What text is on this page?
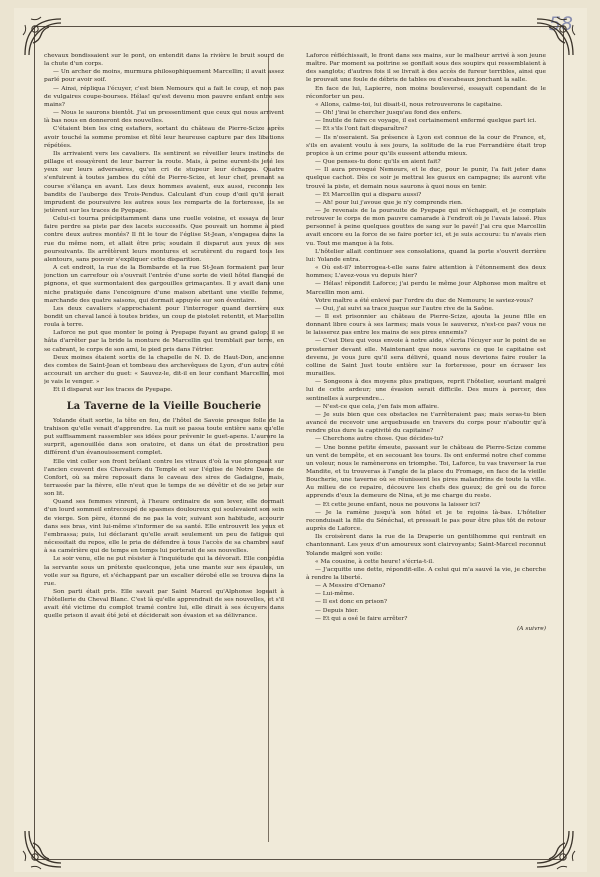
58

chevaux bondissaient sur le pont, on entendit dans la rivière le bruit sourd de la chute d'un corps.

— Un archer de moins, murmura philosophiquement Marcellin; il avait assez parlé pour avoir soif.

— Ainsi, répliqua l'écuyer, c'est bien Nemours qui a fait le coup, et non pas de vulgaires coupe-bourses. Hélas! qu'est devenu mon pauvre enfant entre ses mains?

— Nous le saurons bientôt. J'ai un pressentiment que ceux qui nous arrivent là bas nous en donneront des nouvelles.

C'étaient bien les cinq estafiers, sortant du château de Pierre-Scize après avoir touché la somme promise et fêté leur heureuse capture par des libations répétées.

Ils arrivaient vers les cavaliers. Ils sentirent se réveiller leurs instincts de pillage et essayèrent de leur barrer la route. Mais, à peine eurent-ils jeté les yeux sur leurs adversaires, qu'un cri de stupeur leur échappa. Quatre s'enfuirent à toutes jambes du côté de Pierre-Scize, et leur chef, prenant sa course s'élança en avant. Les deux hommes avaient, eux aussi, reconnu les bandits de l'auberge des Trois-Pendus. Calculant d'un coup d'œil qu'il serait imprudent de poursuivre les autres sous les remparts de la forteresse, ils se jetèrent sur les traces de Pyepape.

Celui-ci tourna précipitamment dans une ruelle voisine, et essaya de leur faire perdre sa piste par des lacets successifs. Que pouvait un homme à pied contre deux autres montés? Il fit le tour de l'église St-Jean, s'engagea dans la rue du même nom, et allait être pris; soudain il disparut aux yeux de ses poursuivants. Ils arrêtèrent leurs montures et scrutèrent du regard tous les alentours, sans pouvoir s'expliquer cette disparition.

A cet endroit, la rue de la Bombarde et la rue St-Jean formaient par leur jonction un carrefour où s'ouvrait l'entrée d'une sorte de vieil hôtel flanqué de pignons, et que surmontaient des gargouilles grimaçantes. Il y avait dans une niche pratiquée dans l'encoignure d'une maison abritant une vieille femme, marchande des quatre saisons, qui dormait appuyée sur son éventaire.

Les deux cavaliers s'approchaient pour l'interroger quand derrière eux bondit un cheval lancé à toutes brides, un coup de pistolet retentit, et Marcellin roula à terre.

Laforce ne put que monter le poing à Pyepape fuyant au grand galop; il se hâta d'arrêter par la bride la monture de Marcellin qui tremblait par terre, en se cabrant, le corps de son ami, le pied pris dans l'étrier.

Deux moines étaient sortis de la chapelle de N. D. de Haut-Don, ancienne des comtes de Saint-Jean et tombeau des archevêques de Lyon, d'un autre côté accourait un archer du guet: « Sauvez-le, dit-il en leur confiant Marcellin, moi je vais le venger. »

Et il disparut sur les traces de Pyepape.

La Taverne de la Vieille Boucherie

Yolande était sortie, la tête en feu, de l'hôtel de Savoie presque folle de la trahison qu'elle venait d'apprendre. La nuit se passa toute entière sans qu'elle put suffisamment rassembler ses idées pour prévenir le guet-apens. L'aurore la surprit, agenouillée dans son oratoire, et dans un état de prostration peu différent d'un évanouissement complet.

Elle vint coller son front brûlant contre les vitraux d'où la vue plongeait sur l'ancien couvent des Chevaliers du Temple et sur l'église de Notre Dame de Confort, où sa mère reposait dans le caveau des sires de Gadaigne, mais, terrassée par la fièvre, elle n'eut que le temps de se dévêtir et de se jeter sur son lit.

Quand ses femmes vinrent, à l'heure ordinaire de son lever, elle dormait d'un lourd sommeil entrecoupé de spasmes douloureux qui soulevaient son sein de vierge. Son père, étonné de ne pas la voir, suivant son habitude, accourir dans ses bras, vint lui-même s'informer de sa santé. Elle entrouvrit les yeux et l'embrassa; puis, lui déclarant qu'elle avait seulement un peu de fatigue qui nécessitait du repos, elle le pria de défendre à tous l'accès de sa chambre sauf à sa camérière qui de temps en temps lui porterait de ses nouvelles.

Le soir venu, elle ne put résister à l'inquiétude qui la dévorait. Elle congédia la servante sous un prétexte quelconque, jeta une mante sur ses épaules, un voile sur sa figure, et s'échappant par un escalier dérobé elle se trouva dans la rue.

Son parti était pris. Elle savait par Saint Marcel qu'Alphonse logeait à l'hôtellerie du Cheval Blanc. C'est là qu'elle apprendrait de ses nouvelles, et s'il avait été victime du complot tramé contre lui, elle dirait à ses écuyers dans quelle prison il avait été jeté et déciderait son évasion et sa délivrance.

Laforce réfléchissait, le front dans ses mains, sur le malheur arrivé à son jeune maître. Par moment sa poitrine se gonflait sous des soupirs qui ressemblaient à des sanglots; d'autres fois il se livrait à des accès de fureur terribles, ainsi que le prouvait une foule de débris de tables ou d'escabeaux jonchant la salle.

En face de lui, Lapierre, non moins bouleversé, essayait cependant de le réconforter un peu.

« Allons, calme-toi, lui disait-il, nous retrouverons le capitaine.

— Oh! j'irai le chercher jusqu'au fond des enfers.

— Inutile de faire ce voyage, il est certainement enfermé quelque part ici.

— Et s'ils l'ont fait disparaître?

— Ils n'oseraient. Sa présence à Lyon est connue de la cour de France, et, s'ils en avaient voulu à ses jours, la solitude de la rue Ferrandière était trop propice à un crime pour qu'ils eussent attendu mieux.

— Que penses-tu donc qu'ils en aient fait?

— Il aura provoqué Nemours, et le duc, pour le punir, l'a fait jeter dans quelque cachot. Dès ce soir je mettrai les gueux en campagne; ils auront vite trouvé la piste, et demain nous saurons à quoi nous en tenir.

— Et Marcellin qui a disparu aussi?

— Ah! pour lui j'avoue que je n'y comprends rien.

— Je revenais de la poursuite de Pyepape qui m'échappait, et je comptais retrouver le corps de mon pauvre camarade à l'endroit où je l'avais laissé. Plus personne! à peine quelques gouttes de sang sur le pavé! J'ai cru que Marcellin avait encore eu la force de se faire porter ici, et je suis accouru: tu n'avais rien vu. Tout me manque à la fois.

L'hôtelier allait continuer ses consolations, quand la porte s'ouvrit derrière lui: Yolande entra.

« Où est-il? interrogea-t-elle sans faire attention à l'étonnement des deux hommes; L'avez-vous vu depuis hier?

— Hélas! répondit Laforce; j'ai perdu le même jour Alphonse mon maître et Marcellin mon ami.

Votre maître a été enlevé par l'ordre du duc de Nemours; le saviez-vous?

— Oui, j'ai suivi sa trace jusque sur l'autre rive de la Saône.

— Il est prisonnier au château de Pierre-Scize, ajouta la jeune fille en donnant libre cours à ses larmes; mais vous le sauverez, n'est-ce pas? vous ne le laisserez pas entre les mains de ses pires ennemis?

— C'est Dieu qui vous envoie à notre aide, s'écria l'écuyer sur le point de se prosterner devant elle. Maintenant que nous savons ce que le capitaine est devenu, je vous jure qu'il sera délivré, quand nous devrions faire rouler la colline de Saint Just toute entière sur la forteresse, pour en écraser les murailles.

— Songeons à des moyens plus pratiques, reprit l'hôtelier, souriant malgré lui de cette ardeur; une évasion serait difficile. Des murs à percer, des sentinelles à surprendre...

— N'est-ce que cela, j'en fais mon affaire.

— Je suis bien que ces obstacles ne t'arrêteraient pas; mais seras-tu bien avancé de recevoir une arquebusade en travers du corps pour n'aboutir qu'à rendre plus dure la captivité du capitaine?

— Cherchons autre chose. Que décides-tu?

— Une bonne petite émeute, passant sur le château de Pierre-Scize comme un vent de tempête, et en secouant les tours. Ils ont enfermé notre chef comme un voleur, nous le ramènerons en triomphe. Toi, Laforce, tu vas traverser la rue Mandite, et tu trouveras à l'angle de la place du Fromage, en face de la vieille Boucherie, une taverne où se réunissent les pires malandrins de toute la ville. Au milieu de ce repaire, découvre les chefs des gueux; de gré ou de force apprends d'eux la demeure de Nina, et je me charge du reste.

— Et cette jeune enfant, nous ne pouvons la laisser ici?

— Je la ramène jusqu'à son hôtel et je te rejoins là-bas. L'hôtelier reconduisait la fille du Sénéchal, et pressait le pas pour être plus tôt de retour auprès de Laforce.

Ils croisèrent dans la rue de la Draperie un gentilhomme qui rentrait en chantonnant. Les yeux d'un amoureux sont clairvoyants; Saint-Marcel reconnut Yolande malgré son voile:

« Ma cousine, à cette heure! s'écria-t-il.

— J'acquitte une dette, répondit-elle. A celui qui m'a sauvé la vie, je cherche à rendre la liberté.

— A Messire d'Ornano?

— Lui-même.

— Il est donc en prison?

— Depuis hier.

— Et qui a osé le faire arrêter?

(A suivre)
